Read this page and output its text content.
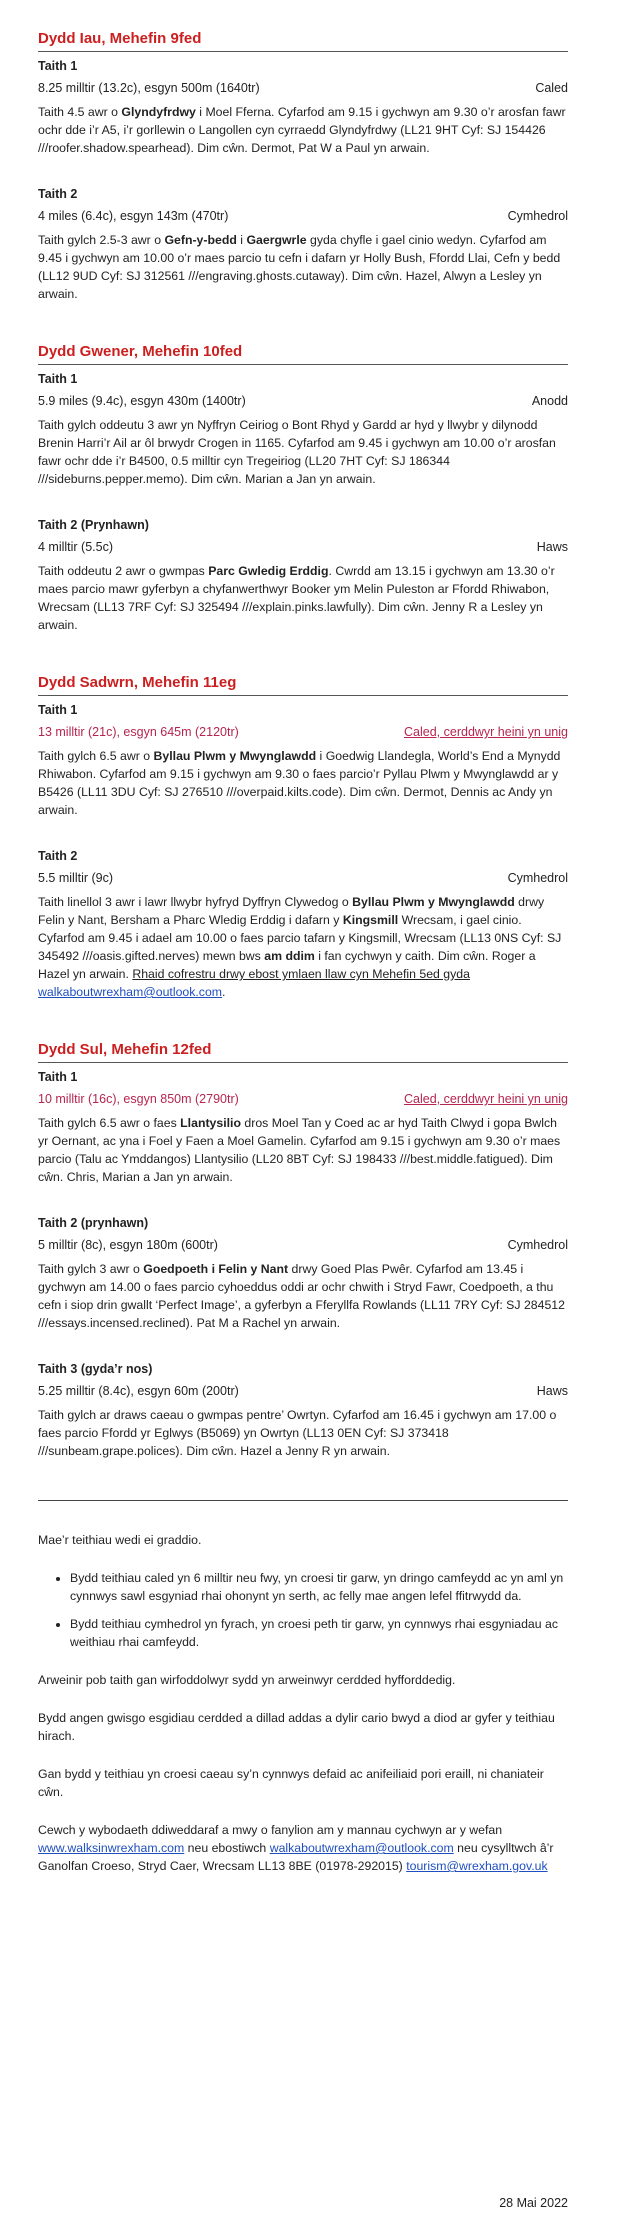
Dydd Iau, Mehefin 9fed
Taith 1
8.25 milltir (13.2c), esgyn 500m (1640tr)	Caled

Taith 4.5 awr o Glyndyfrdwy i Moel Fferna. Cyfarfod am 9.15 i gychwyn am 9.30 o’r arosfan fawr ochr dde i’r A5, i’r gorllewin o Langollen cyn cyrraedd Glyndyfrdwy (LL21 9HT Cyf: SJ 154426 ///roofer.shadow.spearhead). Dim cŵn. Dermot, Pat W a Paul yn arwain.

Taith 2
4 miles (6.4c), esgyn 143m (470tr)	Cymhedrol

Taith gylch 2.5-3 awr o Gefn-y-bedd i Gaergwrle gyda chyfle i gael cinio wedyn. Cyfarfod am 9.45 i gychwyn am 10.00 o’r maes parcio tu cefn i dafarn yr Holly Bush, Ffordd Llai, Cefn y bedd (LL12 9UD Cyf: SJ 312561 ///engraving.ghosts.cutaway). Dim cŵn. Hazel, Alwyn a Lesley yn arwain.

Dydd Gwener, Mehefin 10fed
Taith 1
5.9 miles (9.4c), esgyn 430m (1400tr)	Anodd

Taith gylch oddeutu 3 awr yn Nyffryn Ceiriog o Bont Rhyd y Gardd ar hyd y llwybr y dilynodd Brenin Harri’r Ail ar ôl brwydr Crogen in 1165. Cyfarfod am 9.45 i gychwyn am 10.00 o’r arosfan fawr ochr dde i’r B4500, 0.5 milltir cyn Tregeiriog (LL20 7HT Cyf: SJ 186344 ///sideburns.pepper.memo). Dim cŵn. Marian a Jan yn arwain.

Taith 2 (Prynhawn)
4 milltir (5.5c)	Haws

Taith oddeutu 2 awr o gwmpas Parc Gwledig Erddig. Cwrdd am 13.15 i gychwyn am 13.30 o’r maes parcio mawr gyferbyn a chyfanwerthwyr Booker ym Melin Puleston ar Ffordd Rhiwabon, Wrecsam (LL13 7RF Cyf: SJ 325494 ///explain.pinks.lawfully). Dim cŵn. Jenny R a Lesley yn arwain.

Dydd Sadwrn, Mehefin 11eg
Taith 1
13 milltir (21c), esgyn 645m (2120tr)	Caled, cerddwyr heini yn unig

Taith gylch 6.5 awr o Byllau Plwm y Mwynglawdd i Goedwig Llandegla, World’s End a Mynydd Rhiwabon. Cyfarfod am 9.15 i gychwyn am 9.30 o faes parcio’r Pyllau Plwm y Mwynglawdd ar y B5426 (LL11 3DU Cyf: SJ 276510 ///overpaid.kilts.code). Dim cŵn. Dermot, Dennis ac Andy yn arwain.

Taith 2
5.5 milltir (9c)	Cymhedrol

Taith linellol 3 awr i lawr llwybr hyfryd Dyffryn Clywedog o Byllau Plwm y Mwynglawdd drwy Felin y Nant, Bersham a Pharc Wledig Erddig i dafarn y Kingsmill Wrecsam, i gael cinio. Cyfarfod am 9.45 i adael am 10.00 o faes parcio tafarn y Kingsmill, Wrecsam (LL13 0NS Cyf: SJ 345492 ///oasis.gifted.nerves) mewn bws am ddim i fan cychwyn y caith. Dim cŵn. Roger a Hazel yn arwain. Rhaid cofrestru drwy ebost ymlaen llaw cyn Mehefin 5ed gyda walkaboutwrexham@outlook.com.

Dydd Sul, Mehefin 12fed
Taith 1
10 milltir (16c), esgyn 850m (2790tr)	Caled, cerddwyr heini yn unig

Taith gylch 6.5 awr o faes Llantysilio dros Moel Tan y Coed ac ar hyd Taith Clwyd i gopa Bwlch yr Oernant, ac yna i Foel y Faen a Moel Gamelin. Cyfarfod am 9.15 i gychwyn am 9.30 o’r maes parcio (Talu ac Ymddangos) Llantysilio (LL20 8BT Cyf: SJ 198433 ///best.middle.fatigued). Dim cŵn. Chris, Marian a Jan yn arwain.

Taith 2 (prynhawn)
5 milltir (8c), esgyn 180m (600tr)	Cymhedrol

Taith gylch 3 awr o Goedpoeth i Felin y Nant drwy Goed Plas Pwêr. Cyfarfod am 13.45 i gychwyn am 14.00 o faes parcio cyhoeddus oddi ar ochr chwith i Stryd Fawr, Coedpoeth, a thu cefn i siop drin gwallt ‘Perfect Image’, a gyferbyn a Fferyllfa Rowlands (LL11 7RY Cyf: SJ 284512 ///essays.incensed.reclined). Pat M a Rachel yn arwain.

Taith 3 (gyda’r nos)
5.25 milltir (8.4c), esgyn 60m (200tr)	Haws

Taith gylch ar draws caeau o gwmpas pentre’ Owrtyn. Cyfarfod am 16.45 i gychwyn am 17.00 o faes parcio Ffordd yr Eglwys (B5069) yn Owrtyn (LL13 0EN Cyf: SJ 373418 ///sunbeam.grape.polices). Dim cŵn. Hazel a Jenny R yn arwain.

Mae’r teithiau wedi ei graddio.

• Bydd teithiau caled yn 6 milltir neu fwy, yn croesi tir garw, yn dringo camfeydd ac yn aml yn cynnwys sawl esgyniad rhai ohonynt yn serth, ac felly mae angen lefel ffitrwydd da.
• Bydd teithiau cymhedrol yn fyrach, yn croesi peth tir garw, yn cynnwys rhai esgyniadau ac weithiau rhai camfeydd.

Arweinir pob taith gan wirfoddolwyr sydd yn arweinwyr cerdded hyfforddedig.

Bydd angen gwisgo esgidiau cerdded a dillad addas a dylir cario bwyd a diod ar gyfer y teithiau hirach.

Gan bydd y teithiau yn croesi caeau sy’n cynnwys defaid ac anifeiliaid pori eraill, ni chaniateir cŵn.

Cewch y wybodaeth ddiweddaraf a mwy o fanylion am y mannau cychwyn ar y wefan www.walksinwrexham.com neu ebostiwch walkaboutwrexham@outlook.com neu cysylltwch â’r Ganolfan Croeso, Stryd Caer, Wrecsam LL13 8BE (01978-292015) tourism@wrexham.gov.uk

28 Mai 2022
